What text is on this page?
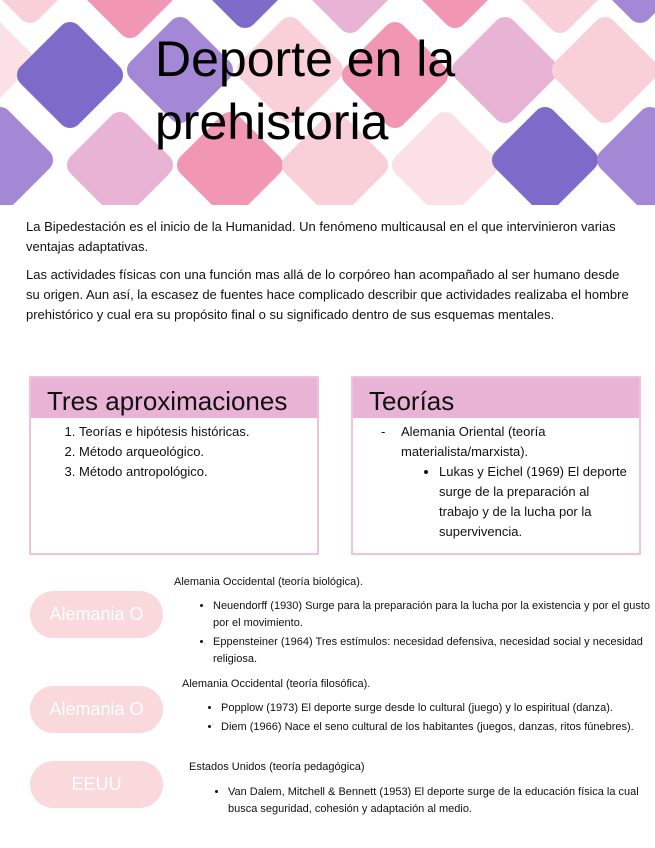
Deporte en la prehistoria

La Bipedestación es el inicio de la Humanidad. Un fenómeno multicausal en el que intervinieron varias ventajas adaptativas.

Las actividades físicas con una función mas allá de lo corpóreo han acompañado al ser humano desde su origen. Aun así, la escasez de fuentes hace complicado describir que actividades realizaba el hombre prehistórico y cual era su propósito final o su significado dentro de sus esquemas mentales.

Tres aproximaciones
1. Teorías e hipótesis históricas.
2. Método arqueológico.
3. Método antropológico.
Teorías
- Alemania Oriental (teoría materialista/marxista).
• Lukas y Eichel (1969) El deporte surge de la preparación al trabajo y de la lucha por la supervivencia.
Alemania O

Alemania Occidental (teoría biológica).

• Neuendorff (1930) Surge para la preparación para la lucha por la existencia y por el gusto por el movimiento.
• Eppensteiner (1964) Tres estímulos: necesidad defensiva, necesidad social y necesidad religiosa.
Alemania O

Alemania Occidental (teoría filosófica).

• Popplow (1973) El deporte surge desde lo cultural (juego) y lo espiritual (danza).
• Diem (1966) Nace el seno cultural de los habitantes (juegos, danzas, ritos fúnebres).
EEUU

Estados Unidos (teoría pedagógica)

• Van Dalem, Mitchell & Bennett (1953) El deporte surge de la educación física la cual busca seguridad, cohesión y adaptación al medio.
